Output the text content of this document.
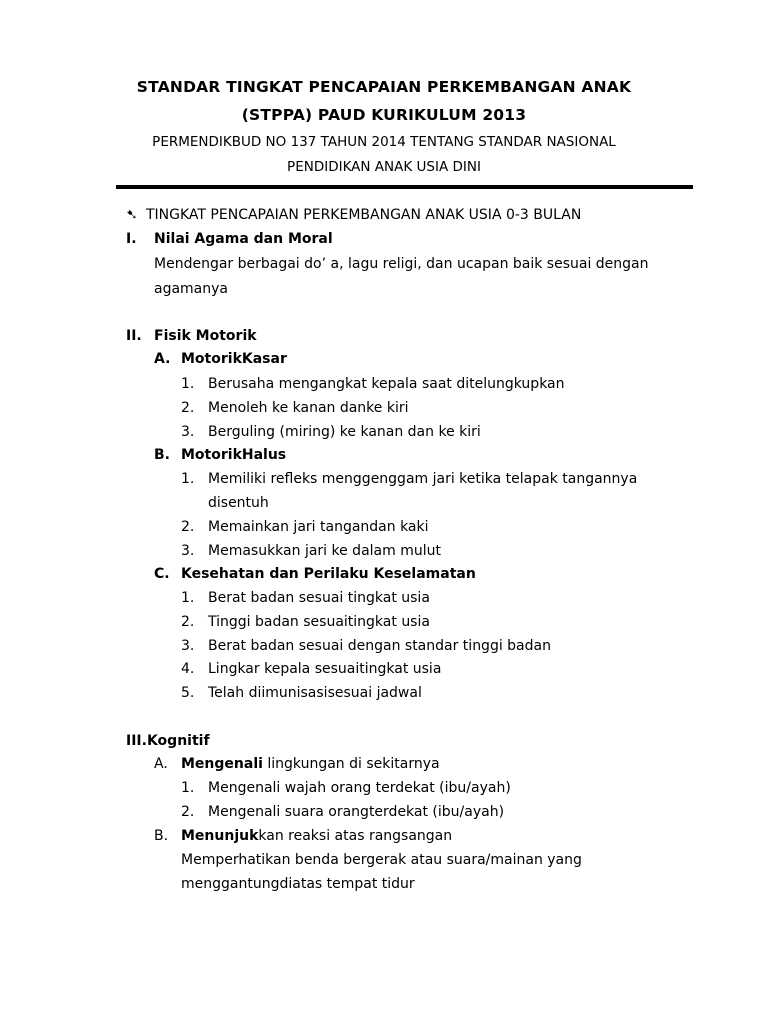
STANDAR TINGKAT PENCAPAIAN PERKEMBANGAN ANAK
(STPPA) PAUD KURIKULUM 2013
PERMENDIKBUD NO 137 TAHUN 2014 TENTANG STANDAR NASIONAL
PENDIDIKAN ANAK USIA DINI
➷ TINGKAT PENCAPAIAN PERKEMBANGAN ANAK USIA 0-3 BULAN
I. Nilai Agama dan Moral
Mendengar berbagai do’ a, lagu religi, dan ucapan baik sesuai dengan
agamanya
II. Fisik Motorik
A. MotorikKasar
1. Berusaha mengangkat kepala saat ditelungkupkan
2. Menoleh ke kanan danke kiri
3. Berguling (miring) ke kanan dan ke kiri
B. MotorikHalus
1. Memiliki refleks menggenggam jari ketika telapak tangannya
disentuh
2. Memainkan jari tangandan kaki
3. Memasukkan jari ke dalam mulut
C. Kesehatan dan Perilaku Keselamatan
1. Berat badan sesuai tingkat usia
2. Tinggi badan sesuaitingkat usia
3. Berat badan sesuai dengan standar tinggi badan
4. Lingkar kepala sesuaitingkat usia
5. Telah diimunisasisesuai jadwal
III.Kognitif
A. Mengenali lingkungan di sekitarnya
1. Mengenali wajah orang terdekat (ibu/ayah)
2. Mengenali suara orangterdekat (ibu/ayah)
B. Menunjukkan reaksi atas rangsangan
Memperhatikan benda bergerak atau suara/mainan yang
menggantungdiatas tempat tidur
